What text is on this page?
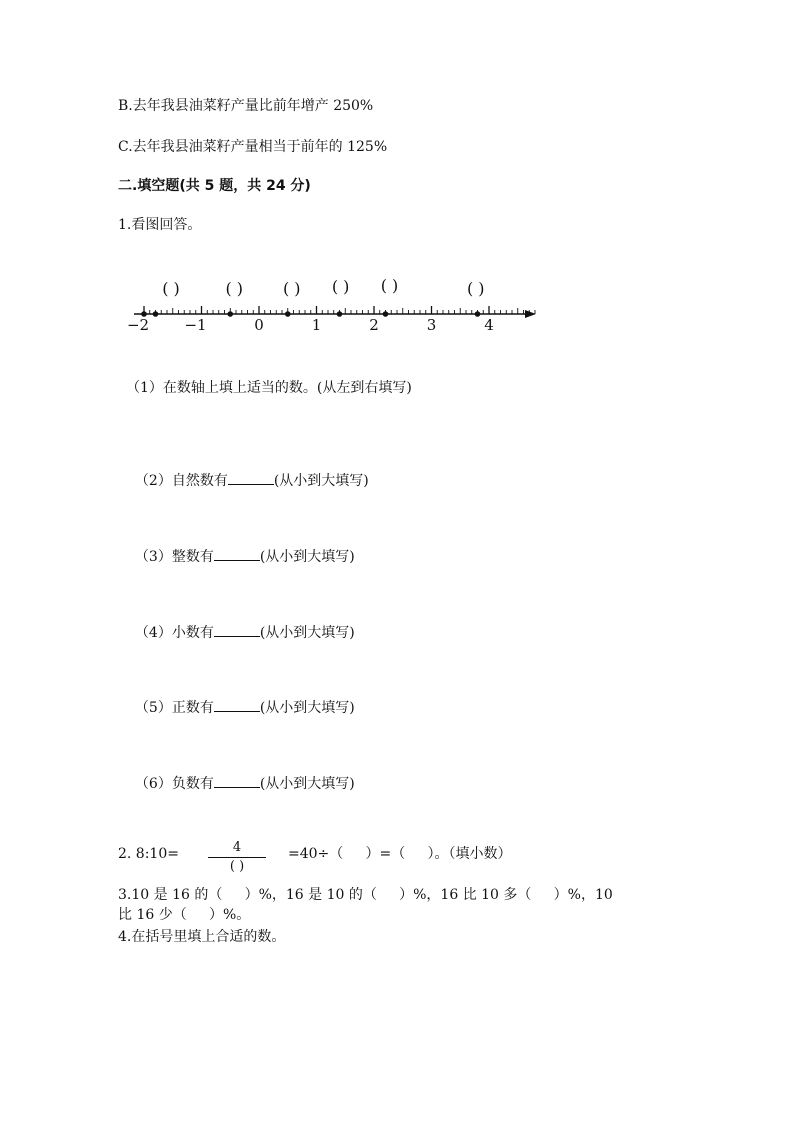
B.去年我县油菜籽产量比前年增产 250%
C.去年我县油菜籽产量相当于前年的 125%
二.填空题(共 5 题，共 24 分)
1.看图回答。
( )	( ) ( ) ( ) ( )	( )
−2 −1	0	1	2	3	4
（1）在数轴上填上适当的数。(从左到右填写)

（2）自然数有	(从小到大填写)

（3）整数有	(从小到大填写)

（4）小数有	(从小到大填写)

（5）正数有	(从小到大填写)

（6）负数有	(从小到大填写)

2. 8:10=	4
( )
=40÷（     ）=（     ）。（填小数）
3.10 是 16 的（     ）%，16 是 10 的（     ）%，16 比 10 多（     ）%，10
比 16 少（     ）%。
4.在括号里填上合适的数。
